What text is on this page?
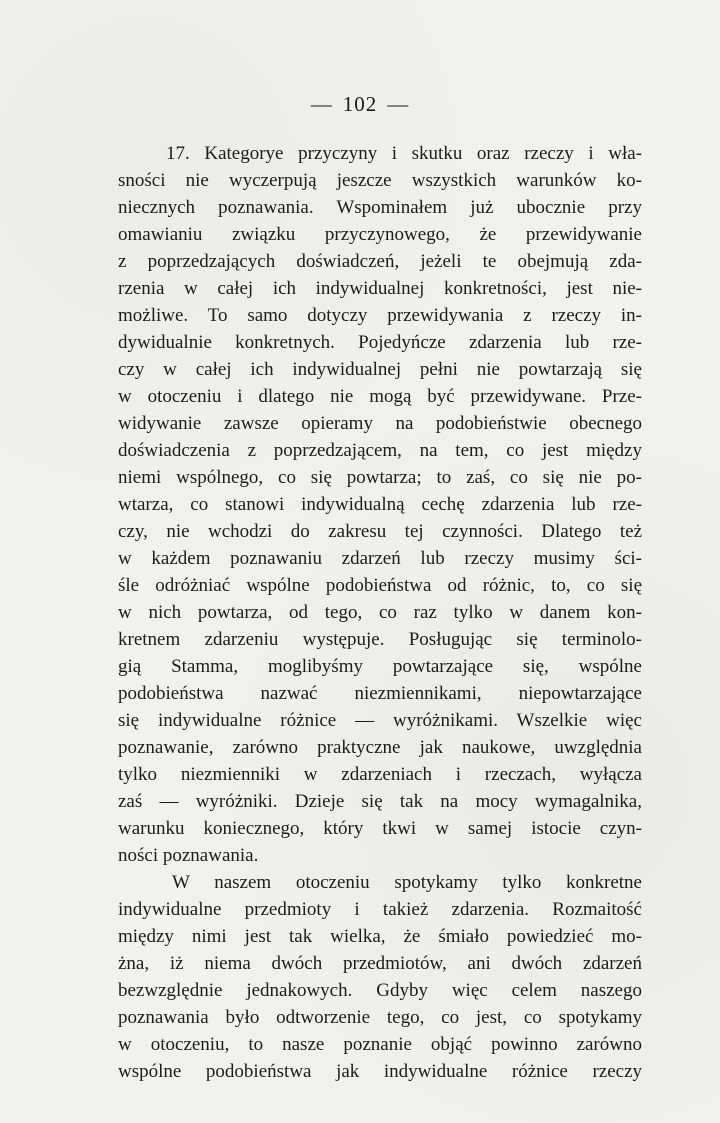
— 102 —
17. Kategorye przyczyny i skutku oraz rzeczy i wła-
sności nie wyczerpują jeszcze wszystkich warunków ko-
niecznych poznawania. Wspominałem już ubocznie przy
omawianiu związku przyczynowego, że przewidywanie
z poprzedzających doświadczeń, jeżeli te obejmują zda-
rzenia w całej ich indywidualnej konkretności, jest nie-
możliwe. To samo dotyczy przewidywania z rzeczy in-
dywidualnie konkretnych. Pojedyńcze zdarzenia lub rze-
czy w całej ich indywidualnej pełni nie powtarzają się
w otoczeniu i dlatego nie mogą być przewidywane. Prze-
widywanie zawsze opieramy na podobieństwie obecnego
doświadczenia z poprzedzającem, na tem, co jest między
niemi wspólnego, co się powtarza; to zaś, co się nie po-
wtarza, co stanowi indywidualną cechę zdarzenia lub rze-
czy, nie wchodzi do zakresu tej czynności. Dlatego też
w każdem poznawaniu zdarzeń lub rzeczy musimy ści-
śle odróżniać wspólne podobieństwa od różnic, to, co się
w nich powtarza, od tego, co raz tylko w danem kon-
kretnem zdarzeniu występuje. Posługując się terminolo-
gią Stamma, moglibyśmy powtarzające się, wspólne
podobieństwa nazwać niezmiennikami, niepowtarzające
się indywidualne różnice — wyróżnikami. Wszelkie więc
poznawanie, zarówno praktyczne jak naukowe, uwzględnia
tylko niezmienniki w zdarzeniach i rzeczach, wyłącza
zaś — wyróżniki. Dzieje się tak na mocy wymagalnika,
warunku koniecznego, który tkwi w samej istocie czyn-
ności poznawania.
W naszem otoczeniu spotykamy tylko konkretne
indywidualne przedmioty i takież zdarzenia. Rozmaitość
między nimi jest tak wielka, że śmiało powiedzieć mo-
żna, iż niema dwóch przedmiotów, ani dwóch zdarzeń
bezwzględnie jednakowych. Gdyby więc celem naszego
poznawania było odtworzenie tego, co jest, co spotykamy
w otoczeniu, to nasze poznanie objąć powinno zarówno
wspólne podobieństwa jak indywidualne różnice rzeczy
